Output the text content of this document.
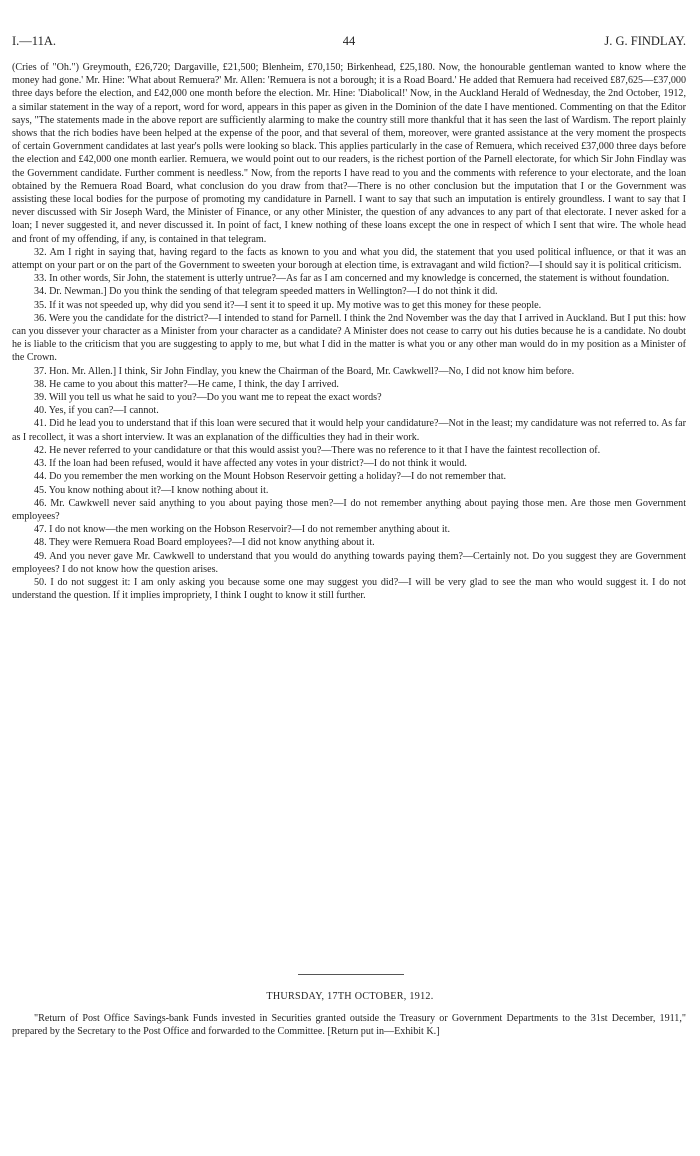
I.—11A.	44	J. G. FINDLAY.

(Cries of "Oh.") Greymouth, £26,720; Dargaville, £21,500; Blenheim, £70,150; Birkenhead, £25,180. Now, the honourable gentleman wanted to know where the money had gone.' Mr. Hine: 'What about Remuera?' Mr. Allen: 'Remuera is not a borough; it is a Road Board.' He added that Remuera had received £87,625—£37,000 three days before the election, and £42,000 one month before the election. Mr. Hine: 'Diabolical!' Now, in the Auckland Herald of Wednesday, the 2nd October, 1912, a similar statement in the way of a report, word for word, appears in this paper as given in the Dominion of the date I have mentioned. Commenting on that the Editor says, "The statements made in the above report are sufficiently alarming to make the country still more thankful that it has seen the last of Wardism. The report plainly shows that the rich bodies have been helped at the expense of the poor, and that several of them, moreover, were granted assistance at the very moment the prospects of certain Government candidates at last year's polls were looking so black. This applies particularly in the case of Remuera, which received £37,000 three days before the election and £42,000 one month earlier. Remuera, we would point out to our readers, is the richest portion of the Parnell electorate, for which Sir John Findlay was the Government candidate. Further comment is needless." Now, from the reports I have read to you and the comments with reference to your electorate, and the loan obtained by the Remuera Road Board, what conclusion do you draw from that?—There is no other conclusion but the imputation that I or the Government was assisting these local bodies for the purpose of promoting my candidature in Parnell. I want to say that such an imputation is entirely groundless. I want to say that I never discussed with Sir Joseph Ward, the Minister of Finance, or any other Minister, the question of any advances to any part of that electorate. I never asked for a loan; I never suggested it, and never discussed it. In point of fact, I knew nothing of these loans except the one in respect of which I sent that wire. The whole head and front of my offending, if any, is contained in that telegram.

32. Am I right in saying that, having regard to the facts as known to you and what you did, the statement that you used political influence, or that it was an attempt on your part or on the part of the Government to sweeten your borough at election time, is extravagant and wild fiction?—I should say it is political criticism.

33. In other words, Sir John, the statement is utterly untrue?—As far as I am concerned and my knowledge is concerned, the statement is without foundation.

34. Dr. Newman.] Do you think the sending of that telegram speeded matters in Wellington?—I do not think it did.

35. If it was not speeded up, why did you send it?—I sent it to speed it up. My motive was to get this money for these people.

36. Were you the candidate for the district?—I intended to stand for Parnell. I think the 2nd November was the day that I arrived in Auckland. But I put this: how can you dissever your character as a Minister from your character as a candidate? A Minister does not cease to carry out his duties because he is a candidate. No doubt he is liable to the criticism that you are suggesting to apply to me, but what I did in the matter is what you or any other man would do in my position as a Minister of the Crown.

37. Hon. Mr. Allen.] I think, Sir John Findlay, you knew the Chairman of the Board, Mr. Cawkwell?—No, I did not know him before.

38. He came to you about this matter?—He came, I think, the day I arrived.

39. Will you tell us what he said to you?—Do you want me to repeat the exact words?

40. Yes, if you can?—I cannot.

41. Did he lead you to understand that if this loan were secured that it would help your candidature?—Not in the least; my candidature was not referred to. As far as I recollect, it was a short interview. It was an explanation of the difficulties they had in their work.

42. He never referred to your candidature or that this would assist you?—There was no reference to it that I have the faintest recollection of.

43. If the loan had been refused, would it have affected any votes in your district?—I do not think it would.

44. Do you remember the men working on the Mount Hobson Reservoir getting a holiday?—I do not remember that.

45. You know nothing about it?—I know nothing about it.

46. Mr. Cawkwell never said anything to you about paying those men?—I do not remember anything about paying those men. Are those men Government employees?

47. I do not know—the men working on the Hobson Reservoir?—I do not remember anything about it.

48. They were Remuera Road Board employees?—I did not know anything about it.

49. And you never gave Mr. Cawkwell to understand that you would do anything towards paying them?—Certainly not. Do you suggest they are Government employees? I do not know how the question arises.

50. I do not suggest it: I am only asking you because some one may suggest you did?—I will be very glad to see the man who would suggest it. I do not understand the question. If it implies impropriety, I think I ought to know it still further.

THURSDAY, 17TH OCTOBER, 1912.

"Return of Post Office Savings-bank Funds invested in Securities granted outside the Treasury or Government Departments to the 31st December, 1911," prepared by the Secretary to the Post Office and forwarded to the Committee. [Return put in—Exhibit K.]
